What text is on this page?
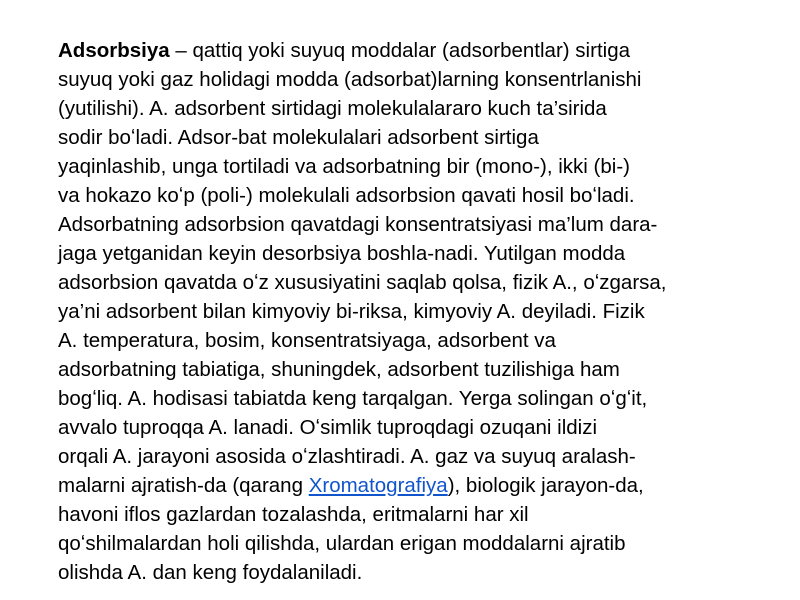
Adsorbsiya – qattiq yoki suyuq moddalar (adsorbentlar) sirtiga
suyuq yoki gaz holidagi modda (adsorbat)larning konsentrlanishi
(yutilishi). A. adsorbent sirtidagi molekulalararo kuch ta’sirida
sodir boʻladi. Adsor-bat molekulalari adsorbent sirtiga
yaqinlashib, unga tortiladi va adsorbatning bir (mono-), ikki (bi-)
va hokazo koʻp (poli-) molekulali adsorbsion qavati hosil boʻladi.
Adsorbatning adsorbsion qavatdagi konsentratsiyasi ma’lum dara-
jaga yetganidan keyin desorbsiya boshla-nadi. Yutilgan modda
adsorbsion qavatda oʻz xususiyatini saqlab qolsa, fizik A., oʻzgarsa,
ya’ni adsorbent bilan kimyoviy bi-riksa, kimyoviy A. deyiladi. Fizik
A. temperatura, bosim, konsentratsiyaga, adsorbent va
adsorbatning tabiatiga, shuningdek, adsorbent tuzilishiga ham
bogʻliq. A. hodisasi tabiatda keng tarqalgan. Yerga solingan oʻgʻit,
avvalo tuproqqa A. lanadi. Oʻsimlik tuproqdagi ozuqani ildizi
orqali A. jarayoni asosida oʻzlashtiradi. A. gaz va suyuq aralash-
malarni ajratish-da (qarang Xromatografiya), biologik jarayon-da,
havoni iflos gazlardan tozalashda, eritmalarni har xil
qoʻshilmalardan holi qilishda, ulardan erigan moddalarni ajratib
olishda A. dan keng foydalaniladi.
